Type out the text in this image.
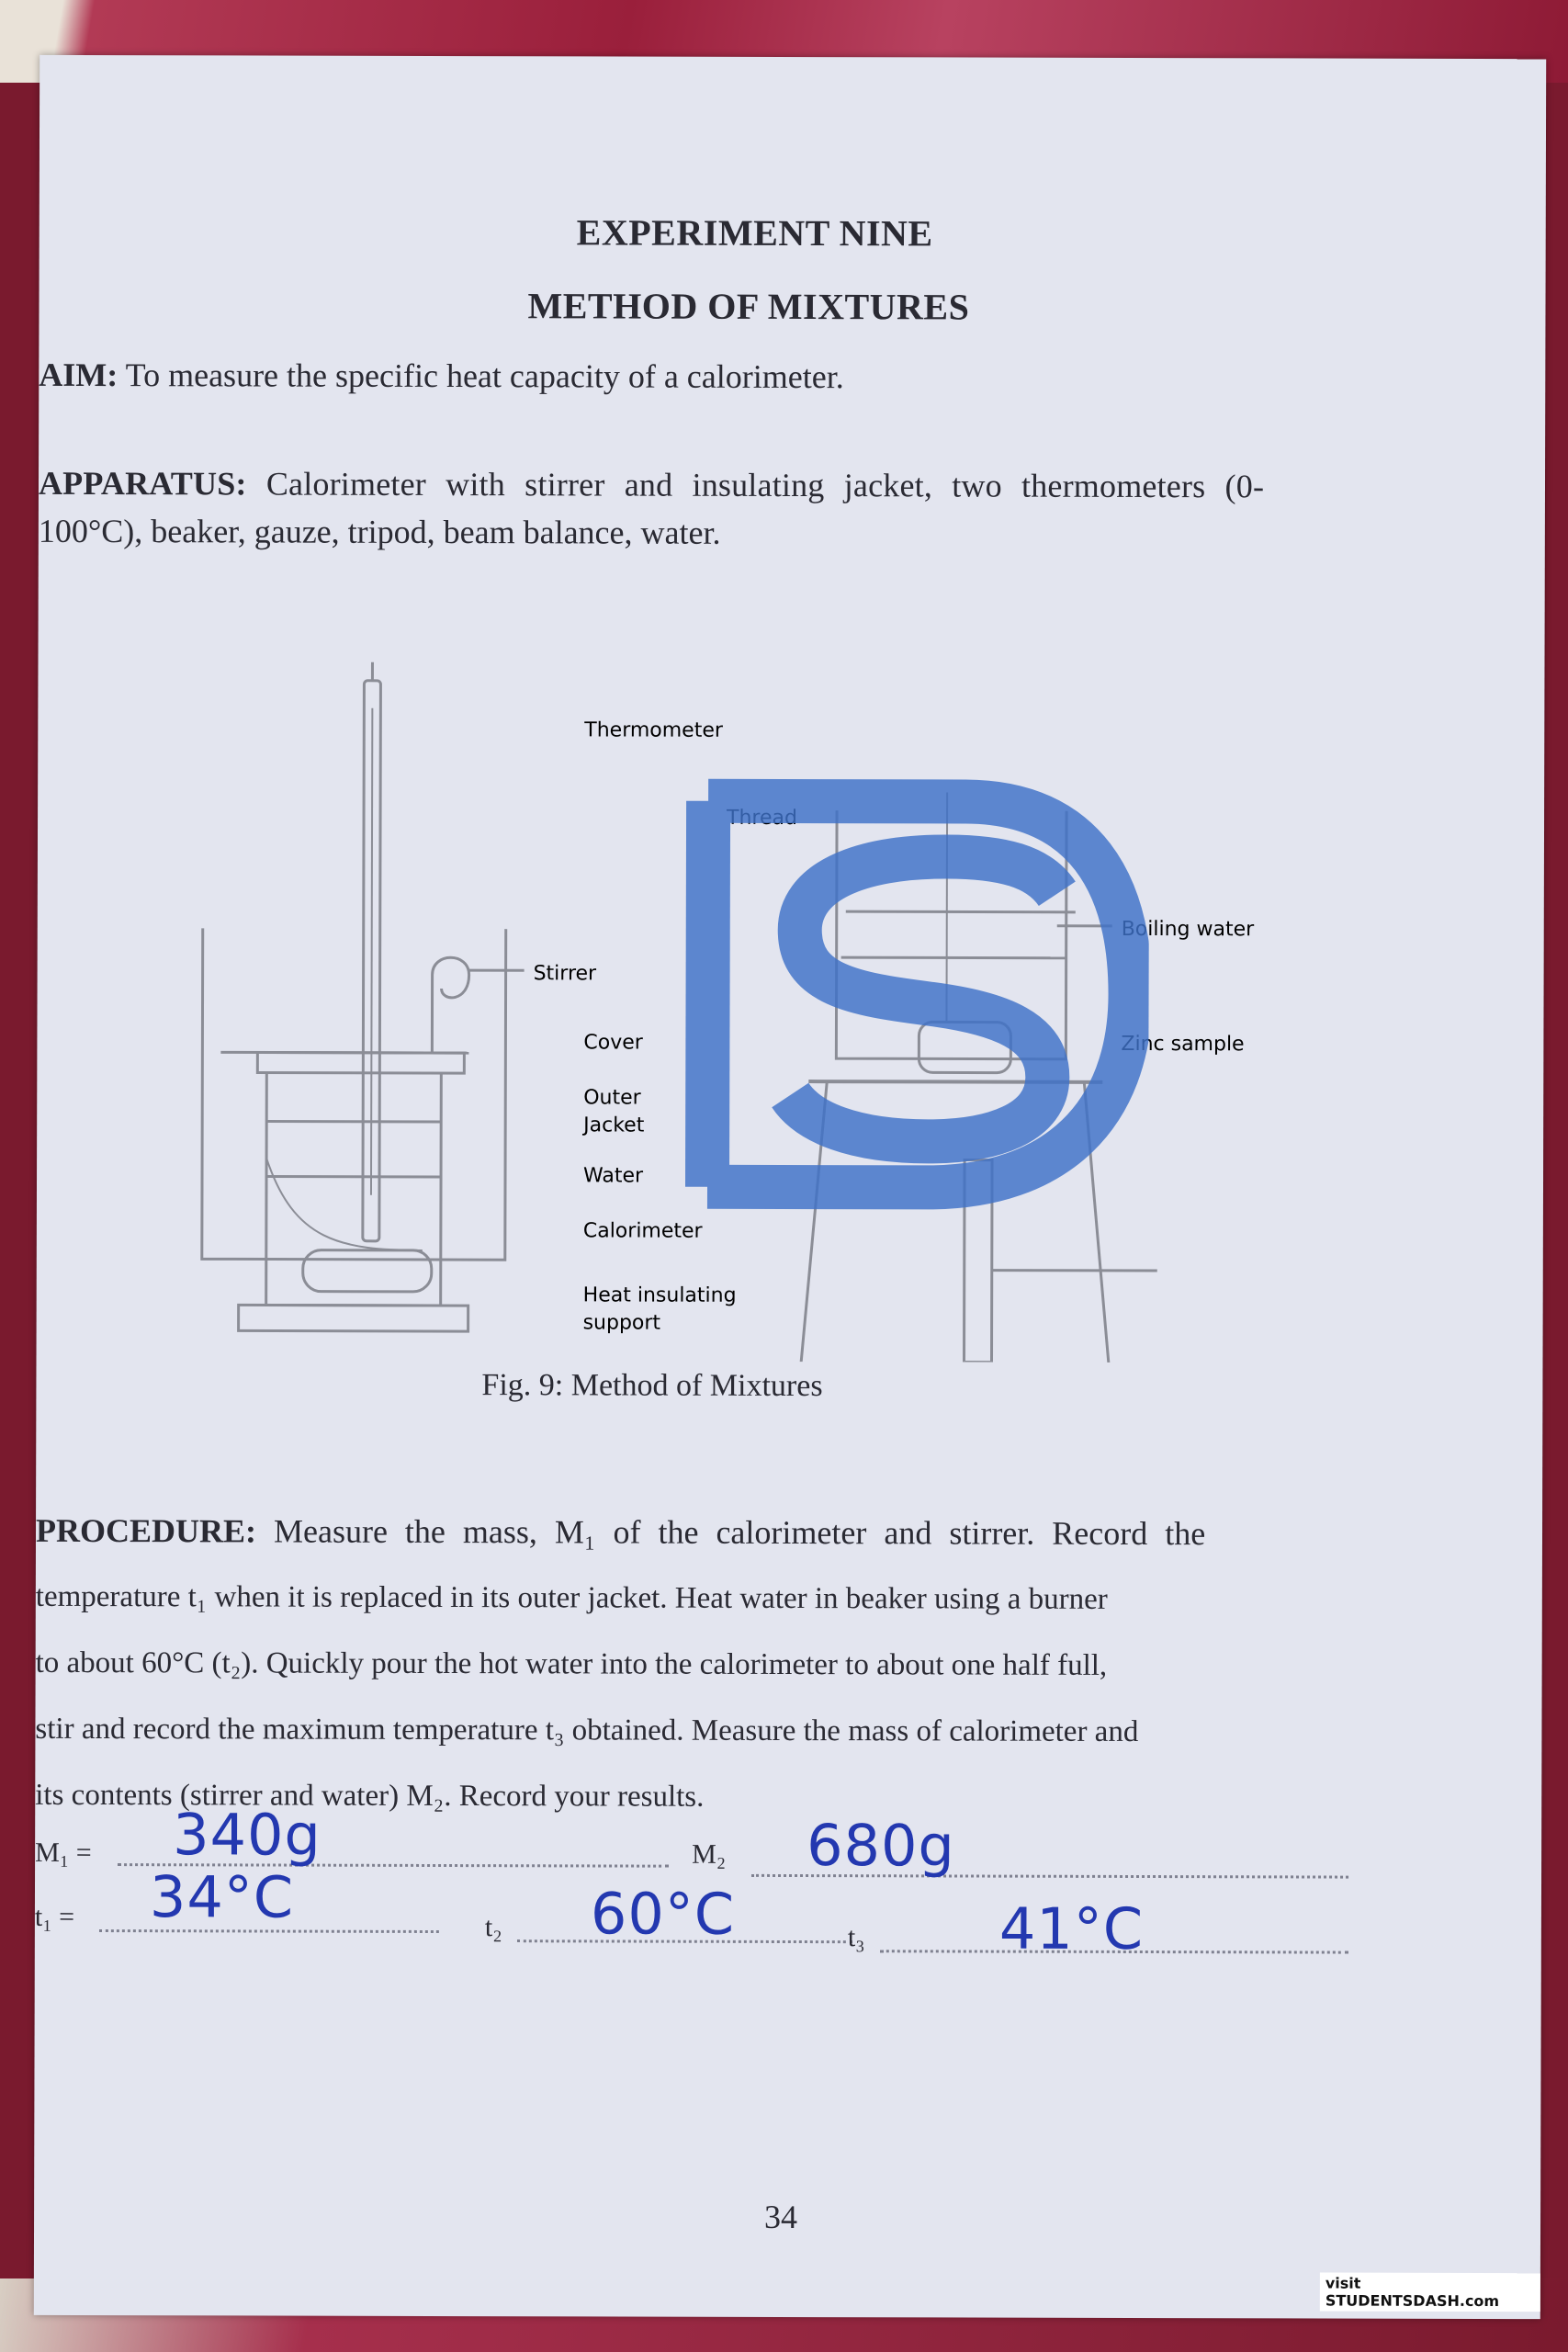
EXPERIMENT NINE
METHOD OF MIXTURES
AIM: To measure the specific heat capacity of a calorimeter.
APPARATUS: Calorimeter with stirrer and insulating jacket, two thermometers (0-
100°C), beaker, gauze, tripod, beam balance, water.
Thermometer
Thread
Stirrer
Boiling water
Cover	Zinc sample
Outer
Jacket
Water
Calorimeter
Heat insulating
support
Fig. 9: Method of Mixtures
PROCEDURE: Measure the mass, M₁ of the calorimeter and stirrer. Record the
temperature t₁ when it is replaced in its outer jacket. Heat water in beaker using a burner
to about 60°C (t₂). Quickly pour the hot water into the calorimeter to about one half full,
stir and record the maximum temperature t₃ obtained. Measure the mass of calorimeter and
its contents (stirrer and water) M₂. Record your results.
M₁ = 340g	M₂ 680g
t₁ = 34°C	t₂ 60°C	t₃ 41°C
34
visit STUDENTSDASH.com
